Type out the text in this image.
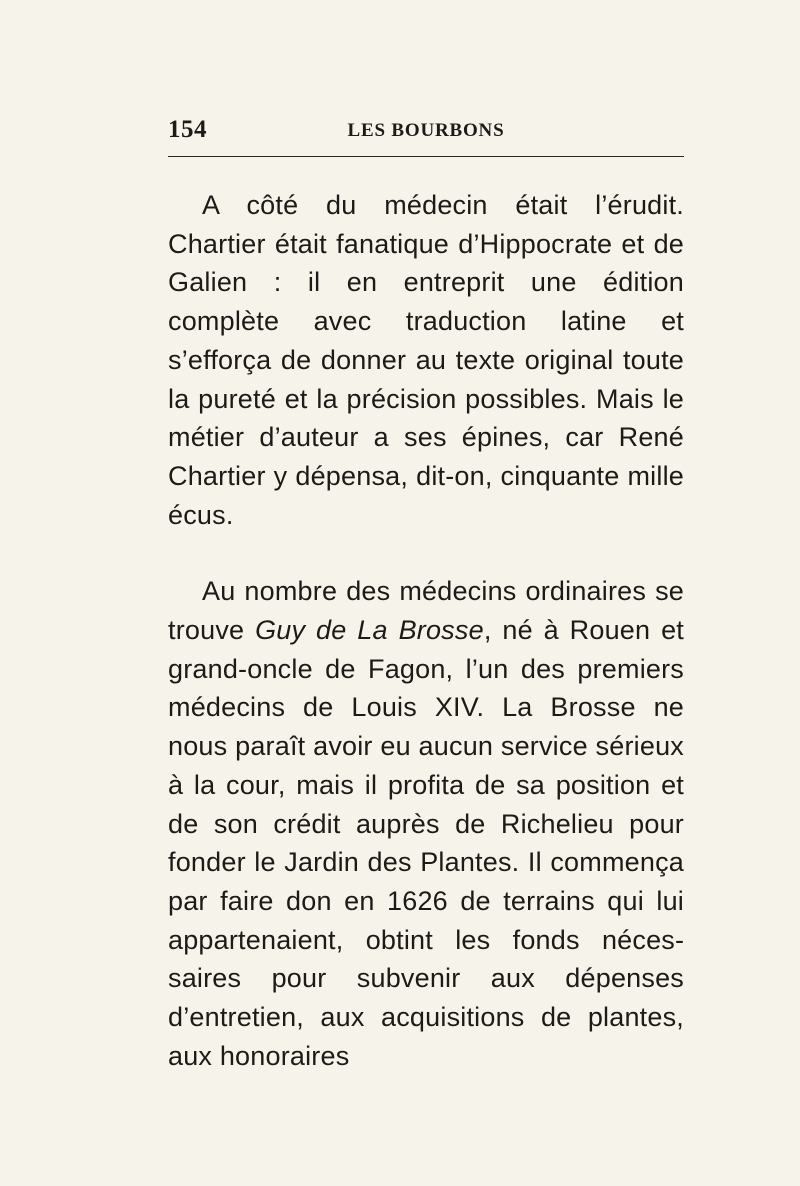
154	LES BOURBONS

A côté du médecin était l’érudit. Chartier était fanatique d’Hippocrate et de Galien : il en entreprit une édition complète avec traduction latine et s’efforça de donner au texte original toute la pureté et la précision possibles. Mais le métier d’auteur a ses épines, car René Chartier y dépensa, dit-on, cinquante mille écus.

Au nombre des médecins ordinaires se trouve Guy de La Brosse, né à Rouen et grand-oncle de Fagon, l’un des premiers médecins de Louis XIV. La Brosse ne nous paraît avoir eu aucun service sérieux à la cour, mais il profita de sa position et de son crédit auprès de Richelieu pour fonder le Jardin des Plantes. Il commença par faire don en 1626 de terrains qui lui appartenaient, obtint les fonds nécessaires pour subvenir aux dépenses d’entretien, aux acquisitions de plantes, aux honoraires
